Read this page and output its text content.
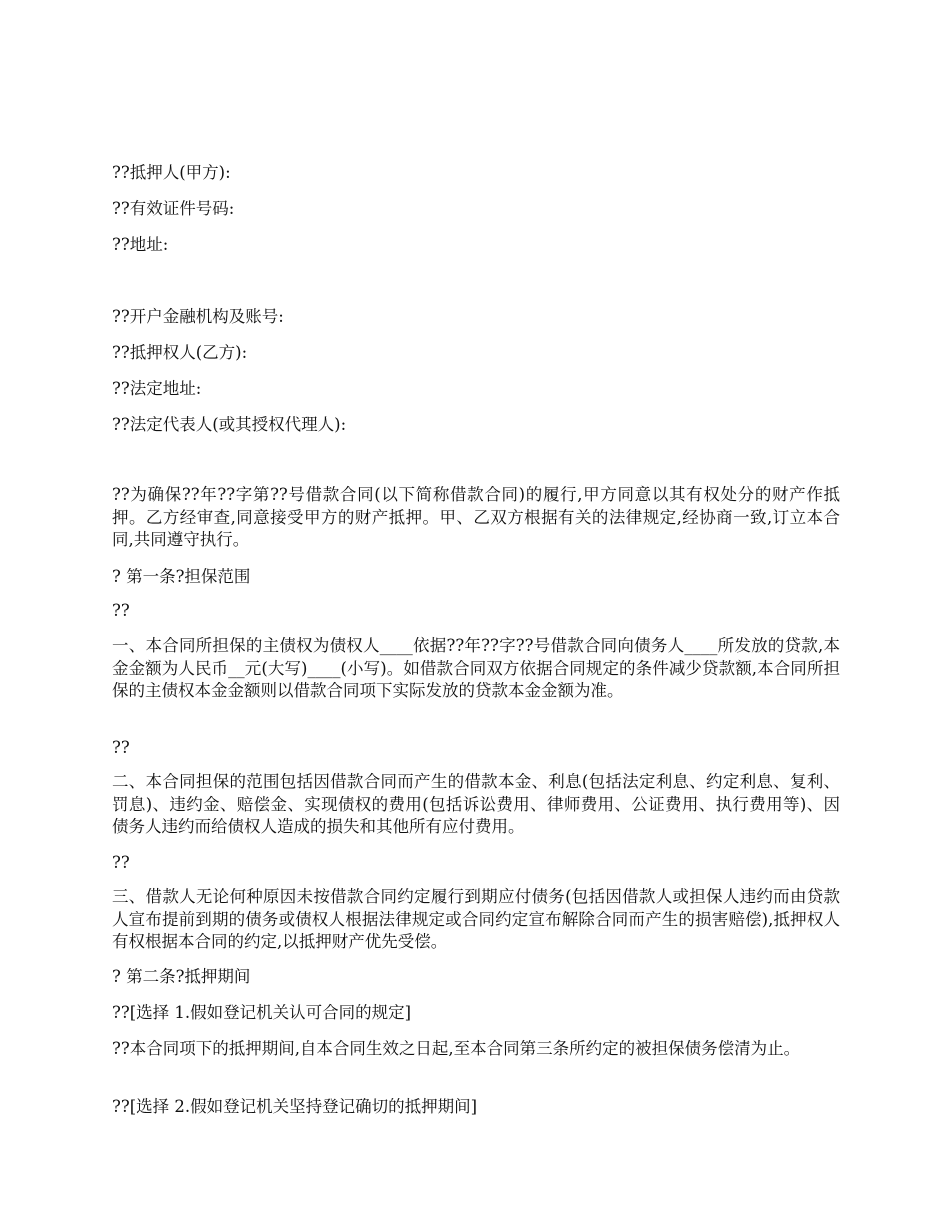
??抵押人(甲方):
??有效证件号码:
??地址:
??开户金融机构及账号:
??抵押权人(乙方):
??法定地址:
??法定代表人(或其授权代理人):
??为确保??年??字第??号借款合同(以下简称借款合同)的履行,甲方同意以其有权处分的财产作抵押。乙方经审查,同意接受甲方的财产抵押。甲、乙双方根据有关的法律规定,经协商一致,订立本合同,共同遵守执行。
? 第一条?担保范围
??
一、本合同所担保的主债权为债权人____依据??年??字??号借款合同向债务人____所发放的贷款,本金金额为人民币__元(大写)____(小写)。如借款合同双方依据合同规定的条件减少贷款额,本合同所担保的主债权本金金额则以借款合同项下实际发放的贷款本金金额为准。
??
二、本合同担保的范围包括因借款合同而产生的借款本金、利息(包括法定利息、约定利息、复利、罚息)、违约金、赔偿金、实现债权的费用(包括诉讼费用、律师费用、公证费用、执行费用等)、因债务人违约而给债权人造成的损失和其他所有应付费用。
??
三、借款人无论何种原因未按借款合同约定履行到期应付债务(包括因借款人或担保人违约而由贷款人宣布提前到期的债务或债权人根据法律规定或合同约定宣布解除合同而产生的损害赔偿),抵押权人有权根据本合同的约定,以抵押财产优先受偿。
? 第二条?抵押期间
??[选择 1.假如登记机关认可合同的规定]
??本合同项下的抵押期间,自本合同生效之日起,至本合同第三条所约定的被担保债务偿清为止。
??[选择 2.假如登记机关坚持登记确切的抵押期间]
